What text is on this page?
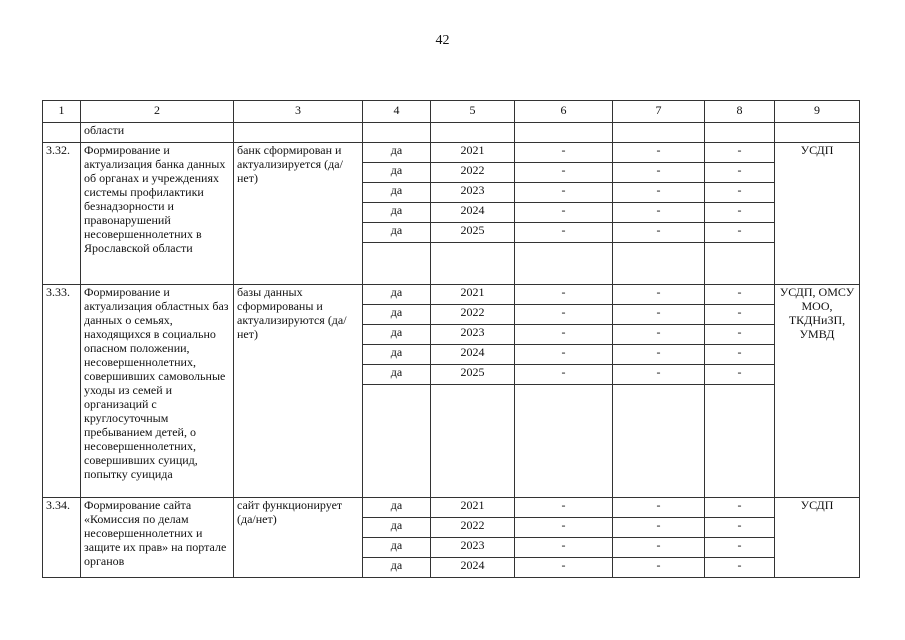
42
1	2	3	4	5	6	7	8	9
	области							
3.32.	Формирование и актуализация банка данных об органах и учреждениях системы профилактики безнадзорности и правонарушений несовершеннолетних в Ярославской области	банк сформирован и актуализируется (да/нет)	да	2021	-	-	-	УСДП
			да	2022	-	-	-	
			да	2023	-	-	-	
			да	2024	-	-	-	
			да	2025	-	-	-	

3.33.	Формирование и актуализация областных баз данных о семьях, находящихся в социально опасном положении, несовершеннолетних, совершивших самовольные уходы из семей и организаций с круглосуточным пребыванием детей, о несовершеннолетних, совершивших суицид, попытку суицида	базы данных сформированы и актуализируются (да/нет)	да	2021	-	-	-	УСДП, ОМСУ МОО, ТКДНиЗП, УМВД
			да	2022	-	-	-	
			да	2023	-	-	-	
			да	2024	-	-	-	
			да	2025	-	-	-	

3.34.	Формирование сайта «Комиссия по делам несовершеннолетних и защите их прав» на портале органов	сайт функционирует (да/нет)	да	2021	-	-	-	УСДП
			да	2022	-	-	-	
			да	2023	-	-	-	
			да	2024	-	-	-	
